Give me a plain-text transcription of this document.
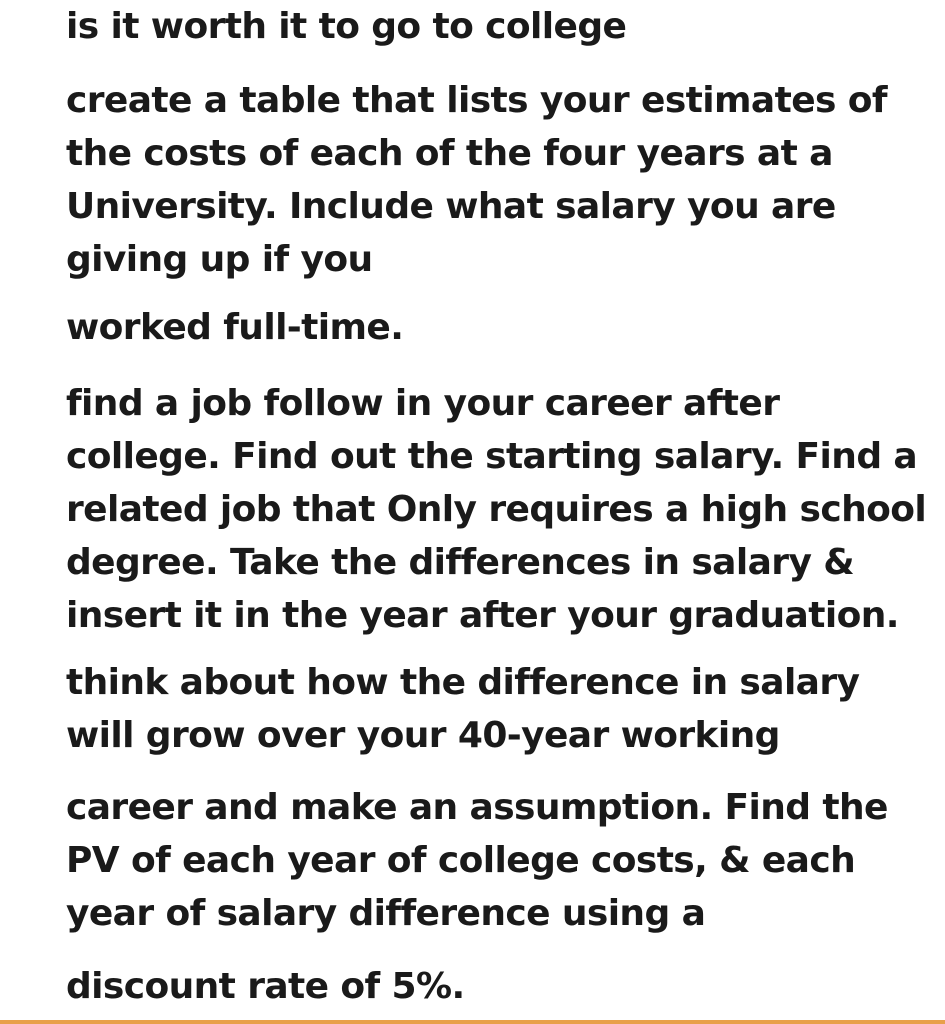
is it worth it to go to college

create a table that lists your estimates of
the costs of each of the four years at a
University. Include what salary you are
giving up if you

worked full-time.

find a job follow in your career after
college. Find out the starting salary. Find a
related job that Only requires a high school
degree. Take the differences in salary &
insert it in the year after your graduation.

think about how the difference in salary
will grow over your 40-year working

career and make an assumption. Find the
PV of each year of college costs, & each
year of salary difference using a

discount rate of 5%.
